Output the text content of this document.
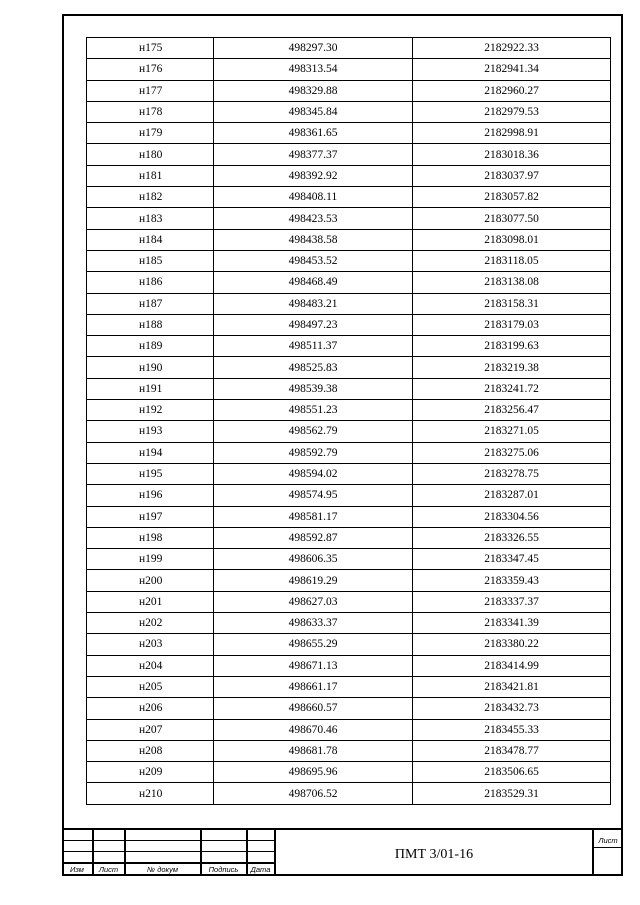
н175	498297.30	2182922.33
н176	498313.54	2182941.34
н177	498329.88	2182960.27
н178	498345.84	2182979.53
н179	498361.65	2182998.91
н180	498377.37	2183018.36
н181	498392.92	2183037.97
н182	498408.11	2183057.82
н183	498423.53	2183077.50
н184	498438.58	2183098.01
н185	498453.52	2183118.05
н186	498468.49	2183138.08
н187	498483.21	2183158.31
н188	498497.23	2183179.03
н189	498511.37	2183199.63
н190	498525.83	2183219.38
н191	498539.38	2183241.72
н192	498551.23	2183256.47
н193	498562.79	2183271.05
н194	498592.79	2183275.06
н195	498594.02	2183278.75
н196	498574.95	2183287.01
н197	498581.17	2183304.56
н198	498592.87	2183326.55
н199	498606.35	2183347.45
н200	498619.29	2183359.43
н201	498627.03	2183337.37
н202	498633.37	2183341.39
н203	498655.29	2183380.22
н204	498671.13	2183414.99
н205	498661.17	2183421.81
н206	498660.57	2183432.73
н207	498670.46	2183455.33
н208	498681.78	2183478.77
н209	498695.96	2183506.65
н210	498706.52	2183529.31
Изм	Лист	№ докум	Подпись	Дата
ПМТ 3/01-16
Лист
